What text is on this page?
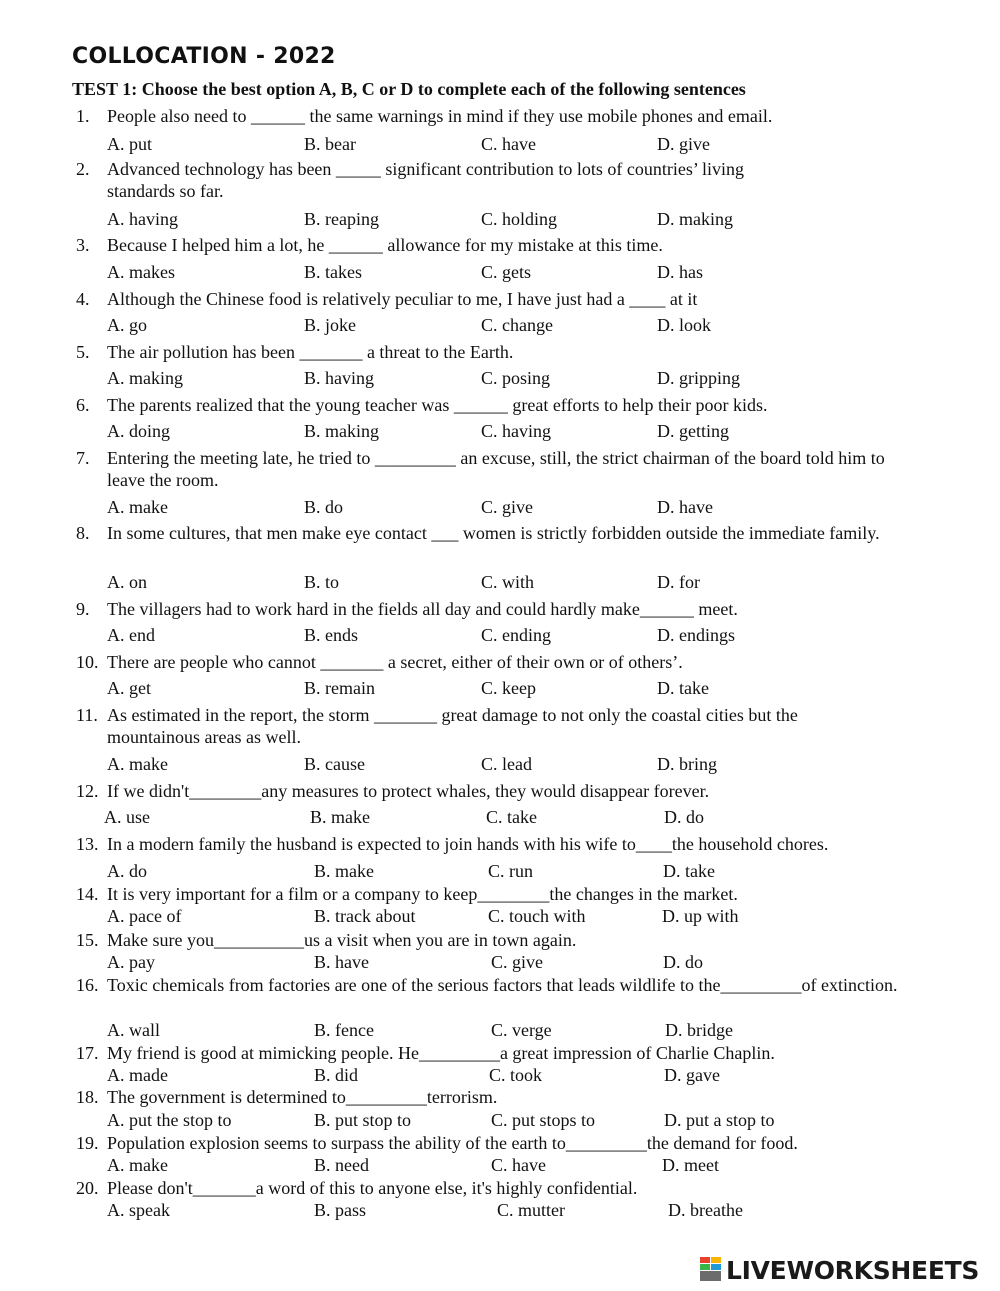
COLLOCATION - 2022

TEST 1: Choose the best option A, B, C or D to complete each of the following sentences

1. People also need to ______ the same warnings in mind if they use mobile phones and email.
A. put	B. bear	C. have	D. give
2. Advanced technology has been _____ significant contribution to lots of countries’ living standards so far.
A. having	B. reaping	C. holding	D. making
3. Because I helped him a lot, he ______ allowance for my mistake at this time.
A. makes	B. takes	C. gets	D. has
4. Although the Chinese food is relatively peculiar to me, I have just had a ____ at it
A. go	B. joke	C. change	D. look
5. The air pollution has been _______ a threat to the Earth.
A. making	B. having	C. posing	D. gripping
6. The parents realized that the young teacher was ______ great efforts to help their poor kids.
A. doing	B. making	C. having	D. getting
7. Entering the meeting late, he tried to _________ an excuse, still, the strict chairman of the board told him to leave the room.
A. make	B. do	C. give	D. have
8. In some cultures, that men make eye contact ___ women is strictly forbidden outside the immediate family.
A. on	B. to	C. with	D. for
9. The villagers had to work hard in the fields all day and could hardly make______ meet.
A. end	B. ends	C. ending	D. endings
10. There are people who cannot _______ a secret, either of their own or of others’.
A. get	B. remain	C. keep	D. take
11. As estimated in the report, the storm _______ great damage to not only the coastal cities but the mountainous areas as well.
A. make	B. cause	C. lead	D. bring
12. If we didn't________any measures to protect whales, they would disappear forever.
A. use	B. make	C. take	D. do
13. In a modern family the husband is expected to join hands with his wife to____the household chores.
A. do	B. make	C. run	D. take
14. It is very important for a film or a company to keep________the changes in the market.
A. pace of	B. track about	C. touch with	D. up with
15. Make sure you__________us a visit when you are in town again.
A. pay	B. have	C. give	D. do
16. Toxic chemicals from factories are one of the serious factors that leads wildlife to the_________of extinction.
A. wall	B. fence	C. verge	D. bridge
17. My friend is good at mimicking people. He_________a great impression of Charlie Chaplin.
A. made	B. did	C. took	D. gave
18. The government is determined to_________terrorism.
A. put the stop to	B. put stop to	C. put stops to	D. put a stop to
19. Population explosion seems to surpass the ability of the earth to_________the demand for food.
A. make	B. need	C. have	D. meet
20. Please don't_______a word of this to anyone else, it's highly confidential.
A. speak	B. pass	C. mutter	D. breathe
LIVEWORKSHEETS
